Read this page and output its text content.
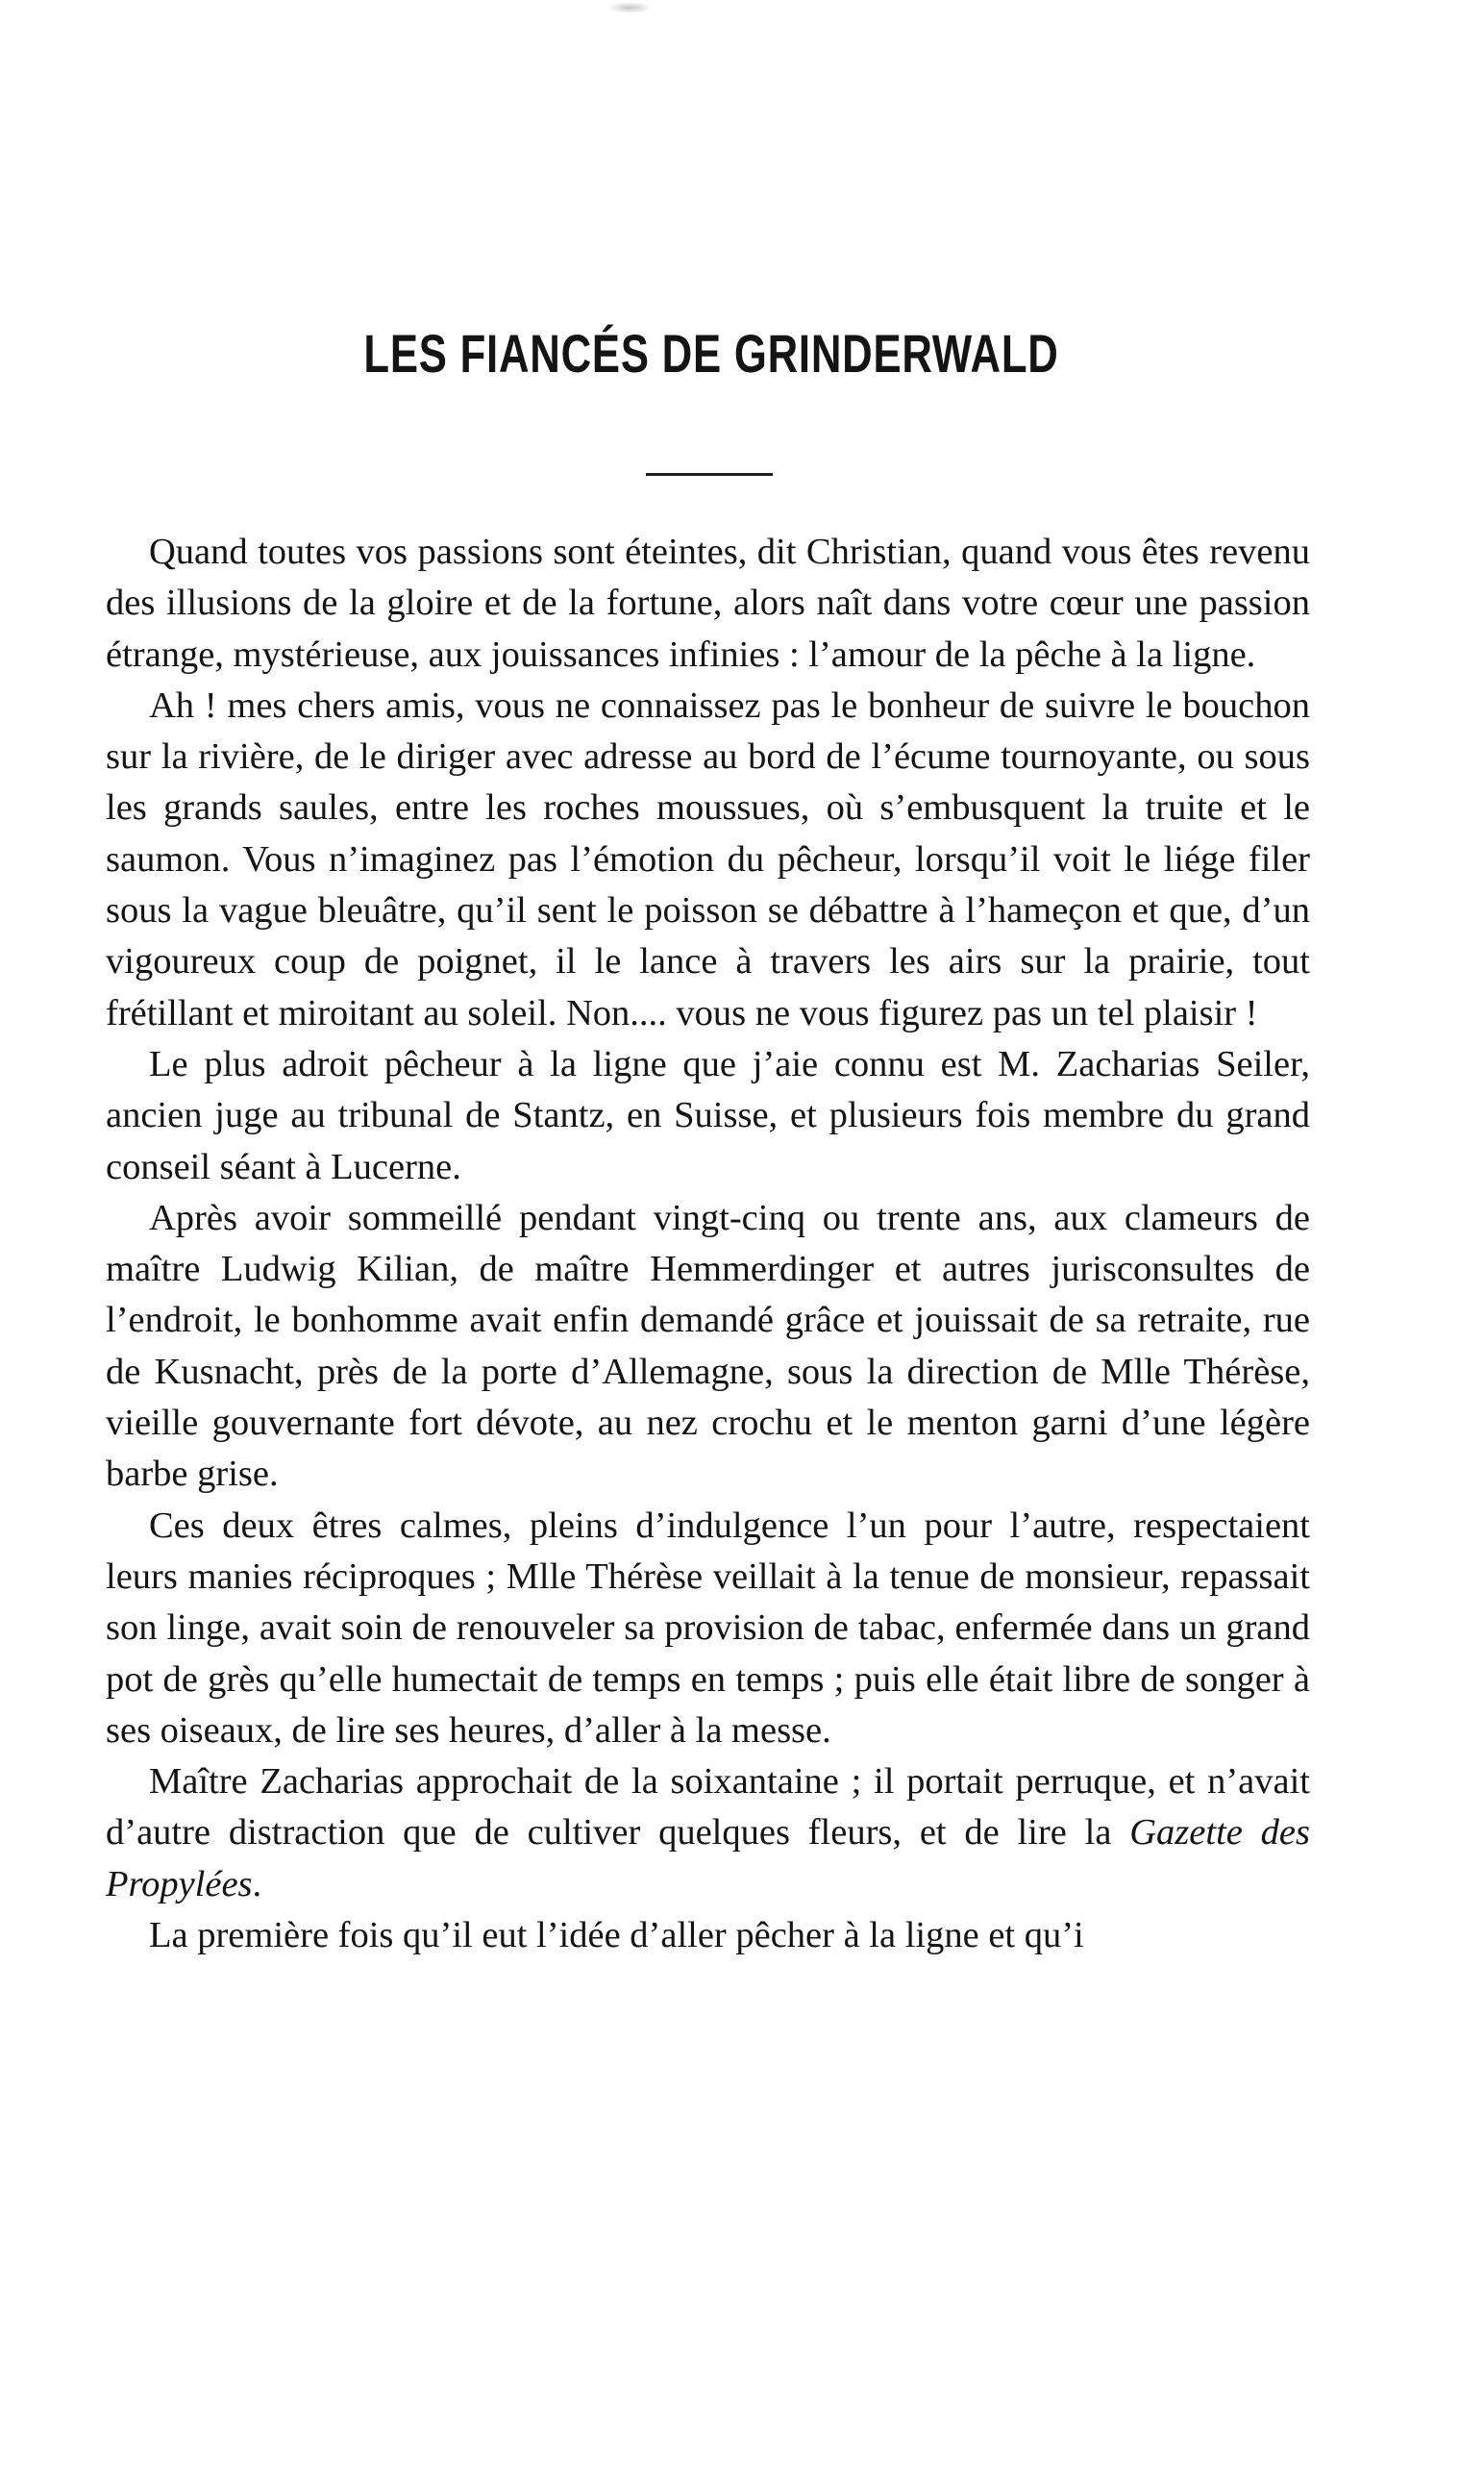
LES FIANCÉS DE GRINDERWALD

Quand toutes vos passions sont éteintes, dit Christian, quand vous êtes revenu des illusions de la gloire et de la fortune, alors naît dans votre cœur une passion étrange, mystérieuse, aux jouissances infinies : l’amour de la pêche à la ligne.

Ah ! mes chers amis, vous ne connaissez pas le bonheur de suivre le bouchon sur la rivière, de le diriger avec adresse au bord de l’écume tournoyante, ou sous les grands saules, entre les roches moussues, où s’embusquent la truite et le saumon. Vous n’imaginez pas l’émotion du pêcheur, lorsqu’il voit le liége filer sous la vague bleuâtre, qu’il sent le poisson se débattre à l’hameçon et que, d’un vigoureux coup de poignet, il le lance à travers les airs sur la prairie, tout frétillant et miroitant au soleil. Non.... vous ne vous figurez pas un tel plaisir !

Le plus adroit pêcheur à la ligne que j’aie connu est M. Zacharias Seiler, ancien juge au tribunal de Stantz, en Suisse, et plusieurs fois membre du grand conseil séant à Lucerne.

Après avoir sommeillé pendant vingt-cinq ou trente ans, aux clameurs de maître Ludwig Kilian, de maître Hemmerdinger et autres jurisconsultes de l’endroit, le bonhomme avait enfin demandé grâce et jouissait de sa retraite, rue de Kusnacht, près de la porte d’Allemagne, sous la direction de Mlle Thérèse, vieille gouvernante fort dévote, au nez crochu et le menton garni d’une légère barbe grise.

Ces deux êtres calmes, pleins d’indulgence l’un pour l’autre, respectaient leurs manies réciproques ; Mlle Thérèse veillait à la tenue de monsieur, repassait son linge, avait soin de renouveler sa provision de tabac, enfermée dans un grand pot de grès qu’elle humectait de temps en temps ; puis elle était libre de songer à ses oiseaux, de lire ses heures, d’aller à la messe.

Maître Zacharias approchait de la soixantaine ; il portait perruque, et n’avait d’autre distraction que de cultiver quelques fleurs, et de lire la Gazette des Propylées.

La première fois qu’il eut l’idée d’aller pêcher à la ligne et qu’i
